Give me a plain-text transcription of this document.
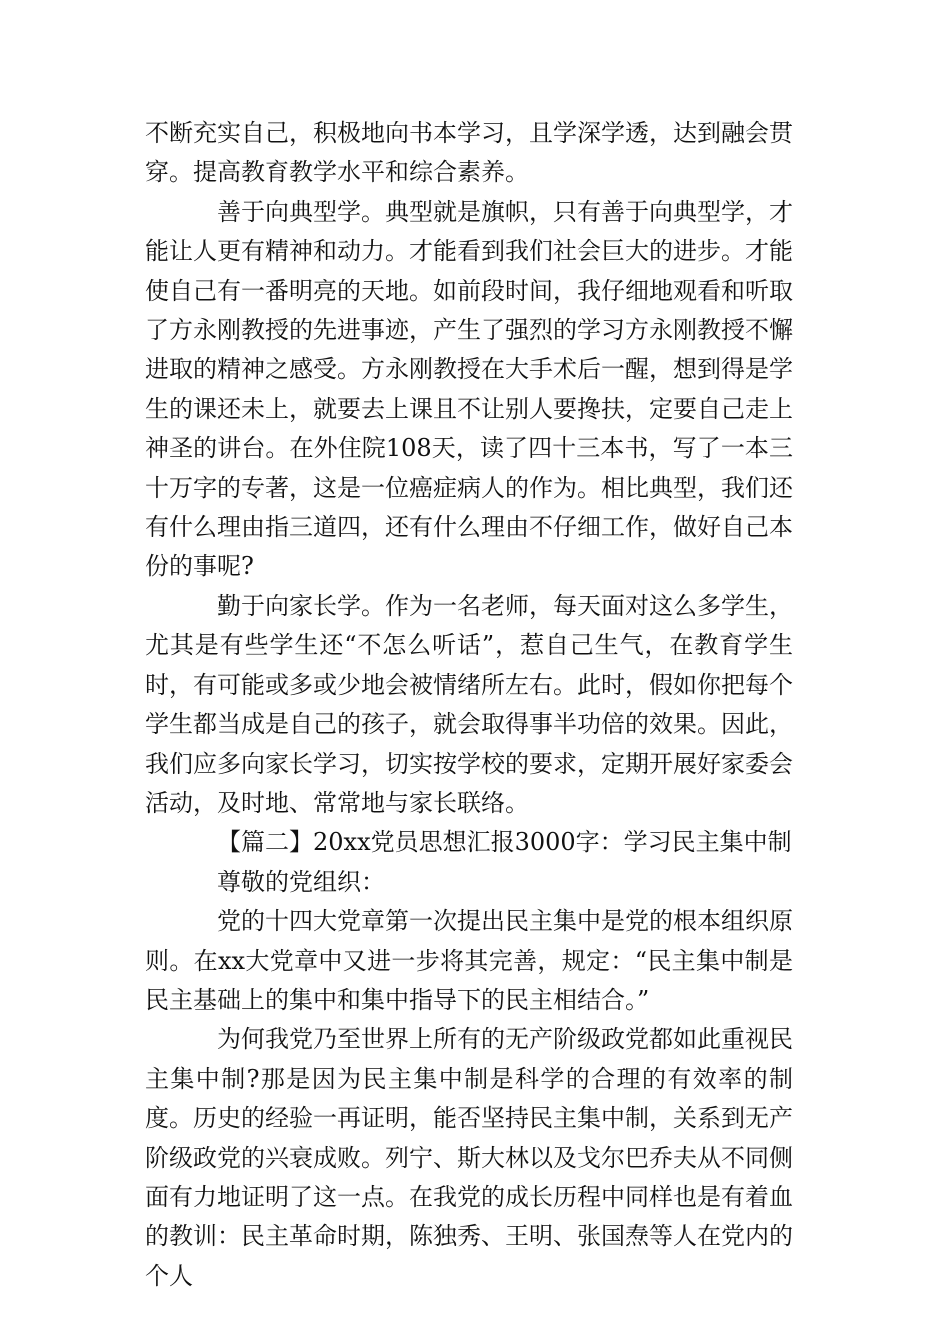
不断充实自己，积极地向书本学习，且学深学透，达到融会贯穿。提高教育教学水平和综合素养。

善于向典型学。典型就是旗帜，只有善于向典型学，才能让人更有精神和动力。才能看到我们社会巨大的进步。才能使自己有一番明亮的天地。如前段时间，我仔细地观看和听取了方永刚教授的先进事迹，产生了强烈的学习方永刚教授不懈进取的精神之感受。方永刚教授在大手术后一醒，想到得是学生的课还未上，就要去上课且不让别人要搀扶，定要自己走上神圣的讲台。在外住院108天，读了四十三本书，写了一本三十万字的专著，这是一位癌症病人的作为。相比典型，我们还有什么理由指三道四，还有什么理由不仔细工作，做好自己本份的事呢?

勤于向家长学。作为一名老师，每天面对这么多学生，尤其是有些学生还“不怎么听话”，惹自己生气，在教育学生时，有可能或多或少地会被情绪所左右。此时，假如你把每个学生都当成是自己的孩子，就会取得事半功倍的效果。因此，我们应多向家长学习，切实按学校的要求，定期开展好家委会活动，及时地、常常地与家长联络。

【篇二】20xx党员思想汇报3000字：学习民主集中制

尊敬的党组织：

党的十四大党章第一次提出民主集中是党的根本组织原则。在xx大党章中又进一步将其完善，规定：“民主集中制是民主基础上的集中和集中指导下的民主相结合。”

为何我党乃至世界上所有的无产阶级政党都如此重视民主集中制?那是因为民主集中制是科学的合理的有效率的制度。历史的经验一再证明，能否坚持民主集中制，关系到无产阶级政党的兴衰成败。列宁、斯大林以及戈尔巴乔夫从不同侧面有力地证明了这一点。在我党的成长历程中同样也是有着血的教训：民主革命时期，陈独秀、王明、张国焘等人在党内的个人
